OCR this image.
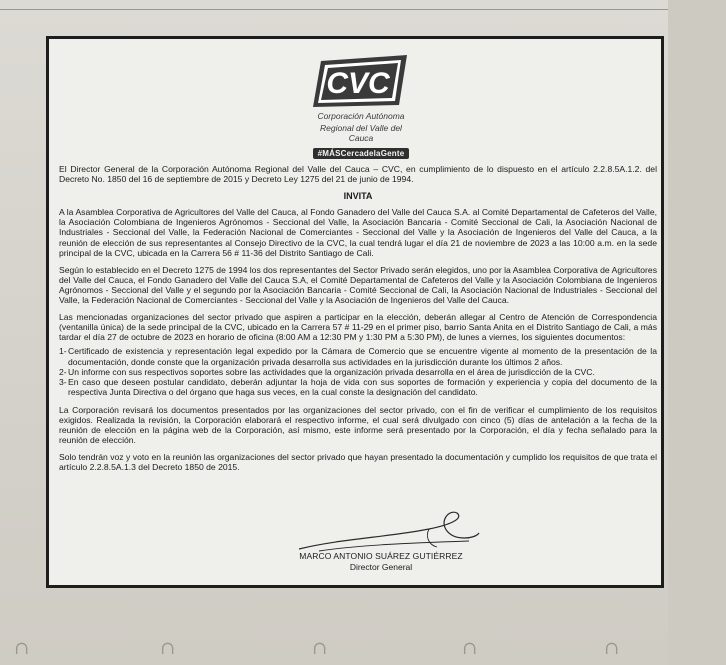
CVC
Corporación Autónoma
Regional del Valle del Cauca
#MÁSCercadelaGente

El Director General de la Corporación Autónoma Regional del Valle del Cauca – CVC, en cumplimiento de lo dispuesto en el artículo 2.2.8.5A.1.2. del Decreto No. 1850 del 16 de septiembre de 2015 y Decreto Ley 1275 del 21 de junio de 1994.

INVITA

A la Asamblea Corporativa de Agricultores del Valle del Cauca, al Fondo Ganadero del Valle del Cauca S.A. al Comité Departamental de Cafeteros del Valle, la Asociación Colombiana de Ingenieros Agrónomos - Seccional del Valle, la Asociación Bancaria - Comité Seccional de Cali, la Asociación Nacional de Industriales - Seccional del Valle, la Federación Nacional de Comerciantes - Seccional del Valle y la Asociación de Ingenieros del Valle del Cauca, a la reunión de elección de sus representantes al Consejo Directivo de la CVC, la cual tendrá lugar el día 21 de noviembre de 2023 a las 10:00 a.m. en la sede principal de la CVC, ubicada en la Carrera 56 # 11-36 del Distrito Santiago de Cali.

Según lo establecido en el Decreto 1275 de 1994 los dos representantes del Sector Privado serán elegidos, uno por la Asamblea Corporativa de Agricultores del Valle del Cauca, el Fondo Ganadero del Valle del Cauca S.A, el Comité Departamental de Cafeteros del Valle y la Asociación Colombiana de Ingenieros Agrónomos - Seccional del Valle y el segundo por la Asociación Bancaria - Comité Seccional de Cali, la Asociación Nacional de Industriales - Seccional del Valle, la Federación Nacional de Comerciantes - Seccional del Valle y la Asociación de Ingenieros del Valle del Cauca.

Las mencionadas organizaciones del sector privado que aspiren a participar en la elección, deberán allegar al Centro de Atención de Correspondencia (ventanilla única) de la sede principal de la CVC, ubicado en la Carrera 57 # 11-29 en el primer piso, barrio Santa Anita en el Distrito Santiago de Cali, a más tardar el día 27 de octubre de 2023 en horario de oficina (8:00 AM a 12:30 PM y 1:30 PM a 5:30 PM), de lunes a viernes, los siguientes documentos:

1- Certificado de existencia y representación legal expedido por la Cámara de Comercio que se encuentre vigente al momento de la presentación de la documentación, donde conste que la organización privada desarrolla sus actividades en la jurisdicción durante los últimos 2 años.
2- Un informe con sus respectivos soportes sobre las actividades que la organización privada desarrolla en el área de jurisdicción de la CVC.
3- En caso que deseen postular candidato, deberán adjuntar la hoja de vida con sus soportes de formación y experiencia y copia del documento de la respectiva Junta Directiva o del órgano que haga sus veces, en la cual conste la designación del candidato.

La Corporación revisará los documentos presentados por las organizaciones del sector privado, con el fin de verificar el cumplimiento de los requisitos exigidos. Realizada la revisión, la Corporación elaborará el respectivo informe, el cual será divulgado con cinco (5) días de antelación a la fecha de la reunión de elección en la página web de la Corporación, así mismo, este informe será presentado por la Corporación, el día y fecha señalado para la reunión de elección.

Solo tendrán voz y voto en la reunión las organizaciones del sector privado que hayan presentado la documentación y cumplido los requisitos de que trata el artículo 2.2.8.5A.1.3 del Decreto 1850 de 2015.

MARCO ANTONIO SUÁREZ GUTIÉRREZ
Director General
∩	∩	∩	∩	∩
